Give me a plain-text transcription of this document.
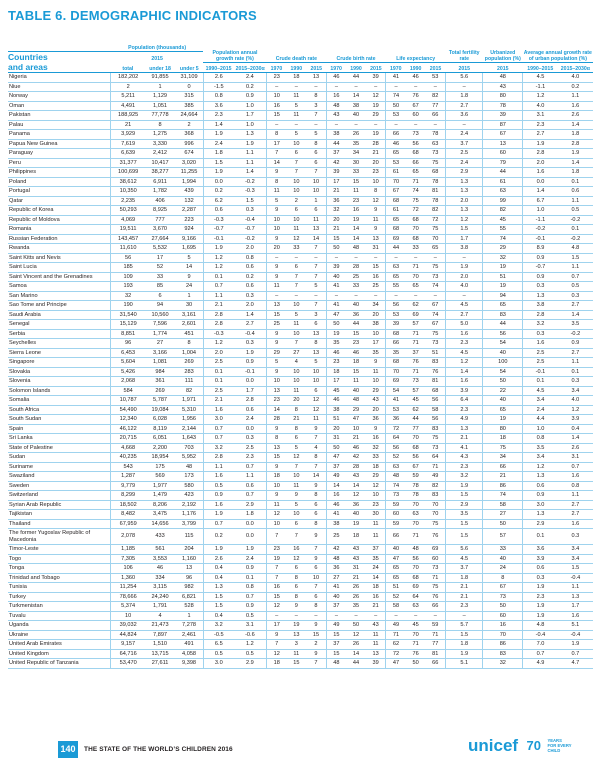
TABLE 6. DEMOGRAPHIC INDICATORS
	Population (thousands)			Population annual growth rate (%)		Crude death rate			Crude birth rate			Life expectancy			Total fertility rate	Urbanized population (%)	Average annual growth rate of urban population (%)	
Countries	2015																	
and areas	total	under 18	under 5	1990–2015	2015–2030α	1970	1990	2015	1970	1990	2015	1970	1990	2015	2015	2015	1990–2015	2015–2030α
Nigeria	182,202	91,855	31,109	2.6	2.4	23	18	13	46	44	39	41	46	53	5.6	48	4.5	4.0
Niue	2	1	0	-1.5	0.2	–	–	–	–	–	–	–	–	–	–	43	-1.1	0.2
Norway	5,211	1,129	315	0.8	0.9	10	11	8	16	14	12	74	76	82	1.8	80	1.2	1.1
Oman	4,491	1,051	385	3.6	1.0	16	5	3	48	38	19	50	67	77	2.7	78	4.0	1.6
Pakistan	188,925	77,778	24,664	2.3	1.7	15	11	7	43	40	29	53	60	66	3.6	39	3.1	2.6
Palau	21	8	2	1.4	1.0	–	–	–	–	–	–	–	–	–	–	87	2.3	1.4
Panama	3,929	1,275	368	1.9	1.3	8	5	5	38	26	19	66	73	78	2.4	67	2.7	1.8
Papua New Guinea	7,619	3,330	996	2.4	1.9	17	10	8	44	35	28	46	56	63	3.7	13	1.9	2.8
Paraguay	6,639	2,412	674	1.8	1.1	7	6	6	37	34	21	65	68	73	2.5	60	2.8	1.9
Peru	31,377	10,417	3,020	1.5	1.1	14	7	6	42	30	20	53	66	75	2.4	79	2.0	1.4
Philippines	100,699	38,277	11,255	1.9	1.4	9	7	7	39	33	23	61	65	68	2.9	44	1.6	1.8
Poland	38,612	6,911	1,994	0.0	-0.2	8	10	10	17	15	10	70	71	78	1.3	61	0.0	0.1
Portugal	10,350	1,782	439	0.2	-0.3	11	10	10	21	11	8	67	74	81	1.3	63	1.4	0.6
Qatar	2,235	406	132	6.2	1.5	5	2	1	36	23	12	68	75	78	2.0	99	6.7	1.1
Republic of Korea	50,293	8,925	2,287	0.6	0.3	9	6	6	32	16	9	61	72	82	1.3	82	1.0	0.5
Republic of Moldova	4,069	777	223	-0.3	-0.4	10	10	11	20	19	11	65	68	72	1.2	45	-1.1	-0.2
Romania	19,511	3,670	924	-0.7	-0.7	10	11	13	21	14	9	68	70	75	1.5	55	-0.2	0.1
Russian Federation	143,457	27,664	9,166	-0.1	-0.2	9	12	14	15	14	13	69	68	70	1.7	74	-0.1	-0.2
Rwanda	11,610	5,532	1,695	1.9	2.0	20	33	7	50	48	31	44	33	65	3.8	29	8.9	4.8
Saint Kitts and Nevis	56	17	5	1.2	0.8	–	–	–	–	–	–	–	–	–	–	32	0.9	1.5
Saint Lucia	185	52	14	1.2	0.6	9	6	7	39	28	15	63	71	75	1.9	19	-0.7	1.1
Saint Vincent and the Grenadines	109	33	9	0.1	0.2	9	7	7	40	25	16	65	70	73	2.0	51	0.9	0.7
Samoa	193	85	24	0.7	0.6	11	7	5	41	33	25	55	65	74	4.0	19	0.3	0.5
San Marino	32	6	1	1.1	0.3	–	–	–	–	–	–	–	–	–	–	94	1.3	0.3
Sao Tome and Principe	190	94	30	2.1	2.0	13	10	7	41	40	34	56	62	67	4.5	65	3.8	2.7
Saudi Arabia	31,540	10,560	3,161	2.8	1.4	15	5	3	47	36	20	53	69	74	2.7	83	2.8	1.4
Senegal	15,129	7,596	2,601	2.8	2.7	25	11	6	50	44	38	39	57	67	5.0	44	3.2	3.5
Serbia	8,851	1,774	451	-0.3	-0.4	9	10	13	19	15	10	68	71	75	1.6	56	0.3	-0.2
Seychelles	96	27	8	1.2	0.3	9	7	8	35	23	17	66	71	73	2.3	54	1.6	0.9
Sierra Leone	6,453	3,166	1,004	2.0	1.9	29	27	13	46	46	35	35	37	51	4.5	40	2.5	2.7
Singapore	5,604	1,081	269	2.5	0.9	5	4	5	23	18	9	68	76	83	1.2	100	2.5	1.1
Slovakia	5,426	984	283	0.1	-0.1	9	10	10	18	15	11	70	71	76	1.4	54	-0.1	0.1
Slovenia	2,068	361	111	0.1	0.0	10	10	10	17	11	10	69	73	81	1.6	50	0.1	0.3
Solomon Islands	584	269	82	2.5	1.7	13	11	6	45	40	29	54	57	68	3.9	22	4.5	3.4
Somalia	10,787	5,787	1,971	2.1	2.8	23	20	12	46	48	43	41	45	56	6.4	40	3.4	4.0
South Africa	54,490	19,084	5,310	1.6	0.6	14	8	12	38	29	20	53	62	58	2.3	65	2.4	1.2
South Sudan	12,340	6,028	1,956	3.0	2.4	28	21	11	51	47	36	36	44	56	4.9	19	4.4	3.9
Spain	46,122	8,119	2,144	0.7	0.0	9	8	9	20	10	9	72	77	83	1.3	80	1.0	0.4
Sri Lanka	20,715	6,051	1,643	0.7	0.3	8	6	7	31	21	16	64	70	75	2.1	18	0.8	1.4
State of Palestine	4,668	2,200	703	3.2	2.5	13	5	4	50	46	32	56	68	73	4.1	75	3.5	2.6
Sudan	40,235	18,954	5,952	2.8	2.3	15	12	8	47	42	33	52	56	64	4.3	34	3.4	3.1
Suriname	543	175	48	1.1	0.7	9	7	7	37	28	18	63	67	71	2.3	66	1.2	0.7
Swaziland	1,287	569	173	1.6	1.1	18	10	14	49	43	29	48	59	49	3.2	21	1.3	1.6
Sweden	9,779	1,977	580	0.5	0.6	10	11	9	14	14	12	74	78	82	1.9	86	0.6	0.8
Switzerland	8,299	1,479	423	0.9	0.7	9	9	8	16	12	10	73	78	83	1.5	74	0.9	1.1
Syrian Arab Republic	18,502	8,206	2,192	1.6	2.9	11	5	6	46	36	23	59	70	70	2.9	58	3.0	2.7
Tajikistan	8,482	3,475	1,176	1.9	1.8	12	10	6	41	40	30	60	63	70	3.5	27	1.3	2.7
Thailand	67,959	14,656	3,799	0.7	0.0	10	6	8	38	19	11	59	70	75	1.5	50	2.9	1.6
The former Yugoslav Republic of Macedonia	2,078	433	115	0.2	0.0	7	7	9	25	18	11	66	71	76	1.5	57	0.1	0.3
Timor-Leste	1,185	561	204	1.9	1.9	23	16	7	42	43	37	40	48	69	5.6	33	3.6	3.4
Togo	7,305	3,553	1,160	2.6	2.4	19	12	9	48	43	35	47	56	60	4.5	40	3.9	3.4
Tonga	106	46	13	0.4	0.9	7	6	6	36	31	24	65	70	73	3.7	24	0.6	1.5
Trinidad and Tobago	1,360	334	96	0.4	0.1	7	8	10	27	21	14	65	68	71	1.8	8	0.3	-0.4
Tunisia	11,254	3,115	982	1.3	0.8	16	6	7	41	26	18	51	69	75	2.1	67	1.9	1.1
Turkey	78,666	24,240	6,821	1.5	0.7	15	8	6	40	26	16	52	64	76	2.1	73	2.3	1.3
Turkmenistan	5,374	1,791	528	1.5	0.9	12	9	8	37	35	21	58	63	66	2.3	50	1.9	1.7
Tuvalu	10	4	1	0.4	0.5	–	–	–	–	–	–	–	–	–	–	60	1.9	1.6
Uganda	39,032	21,473	7,278	3.2	3.1	17	19	9	49	50	43	49	45	59	5.7	16	4.8	5.1
Ukraine	44,824	7,897	2,461	-0.5	-0.6	9	13	15	15	12	11	71	70	71	1.5	70	-0.4	-0.4
United Arab Emirates	9,157	1,510	491	6.5	1.2	7	3	2	37	26	11	62	71	77	1.8	86	7.0	1.9
United Kingdom	64,716	13,715	4,058	0.5	0.5	12	11	9	15	14	13	72	76	81	1.9	83	0.7	0.7
United Republic of Tanzania	53,470	27,611	9,398	3.0	2.9	18	15	7	48	44	39	47	50	66	5.1	32	4.9	4.7
140	THE STATE OF THE WORLD’S CHILDREN 2016	unicef 70 YEARS
FOR EVERY
CHILD
